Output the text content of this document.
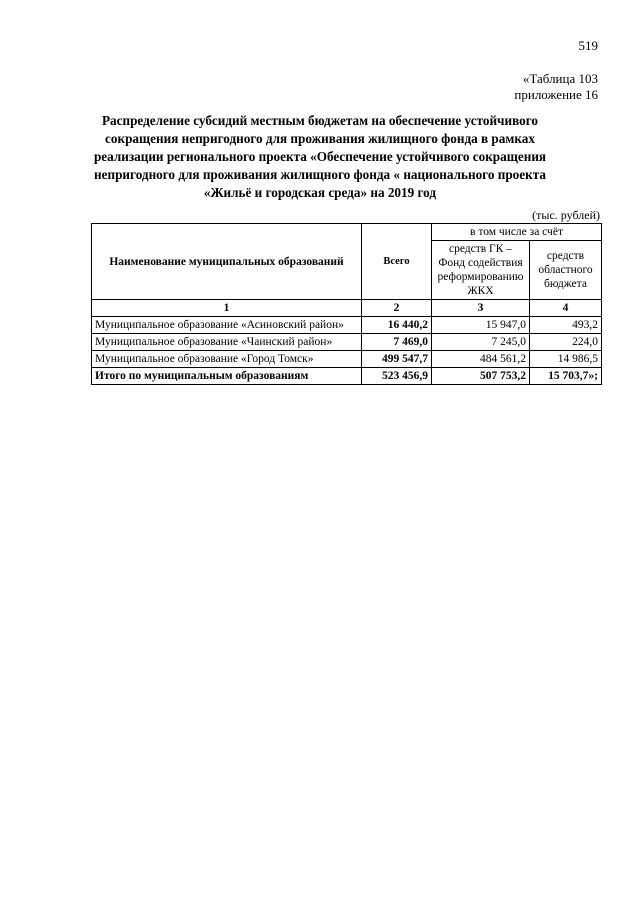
519
«Таблица 103
приложение 16
Распределение субсидий местным бюджетам на обеспечение устойчивого
сокращения непригодного для проживания жилищного фонда в рамках
реализации регионального проекта «Обеспечение устойчивого сокращения
непригодного для проживания жилищного фонда « национального проекта
«Жильё и городская среда» на 2019 год
(тыс. рублей)
Наименование муниципальных образований	Всего	в том числе за счёт	
		средств ГК – Фонд содействия реформированию ЖКХ	средств областного бюджета
1	2	3	4
Муниципальное образование «Асиновский район»	16 440,2	15 947,0	493,2
Муниципальное образование «Чаинский район»	7 469,0	7 245,0	224,0
Муниципальное образование «Город Томск»	499 547,7	484 561,2	14 986,5
Итого по муниципальным образованиям	523 456,9	507 753,2	15 703,7»;
